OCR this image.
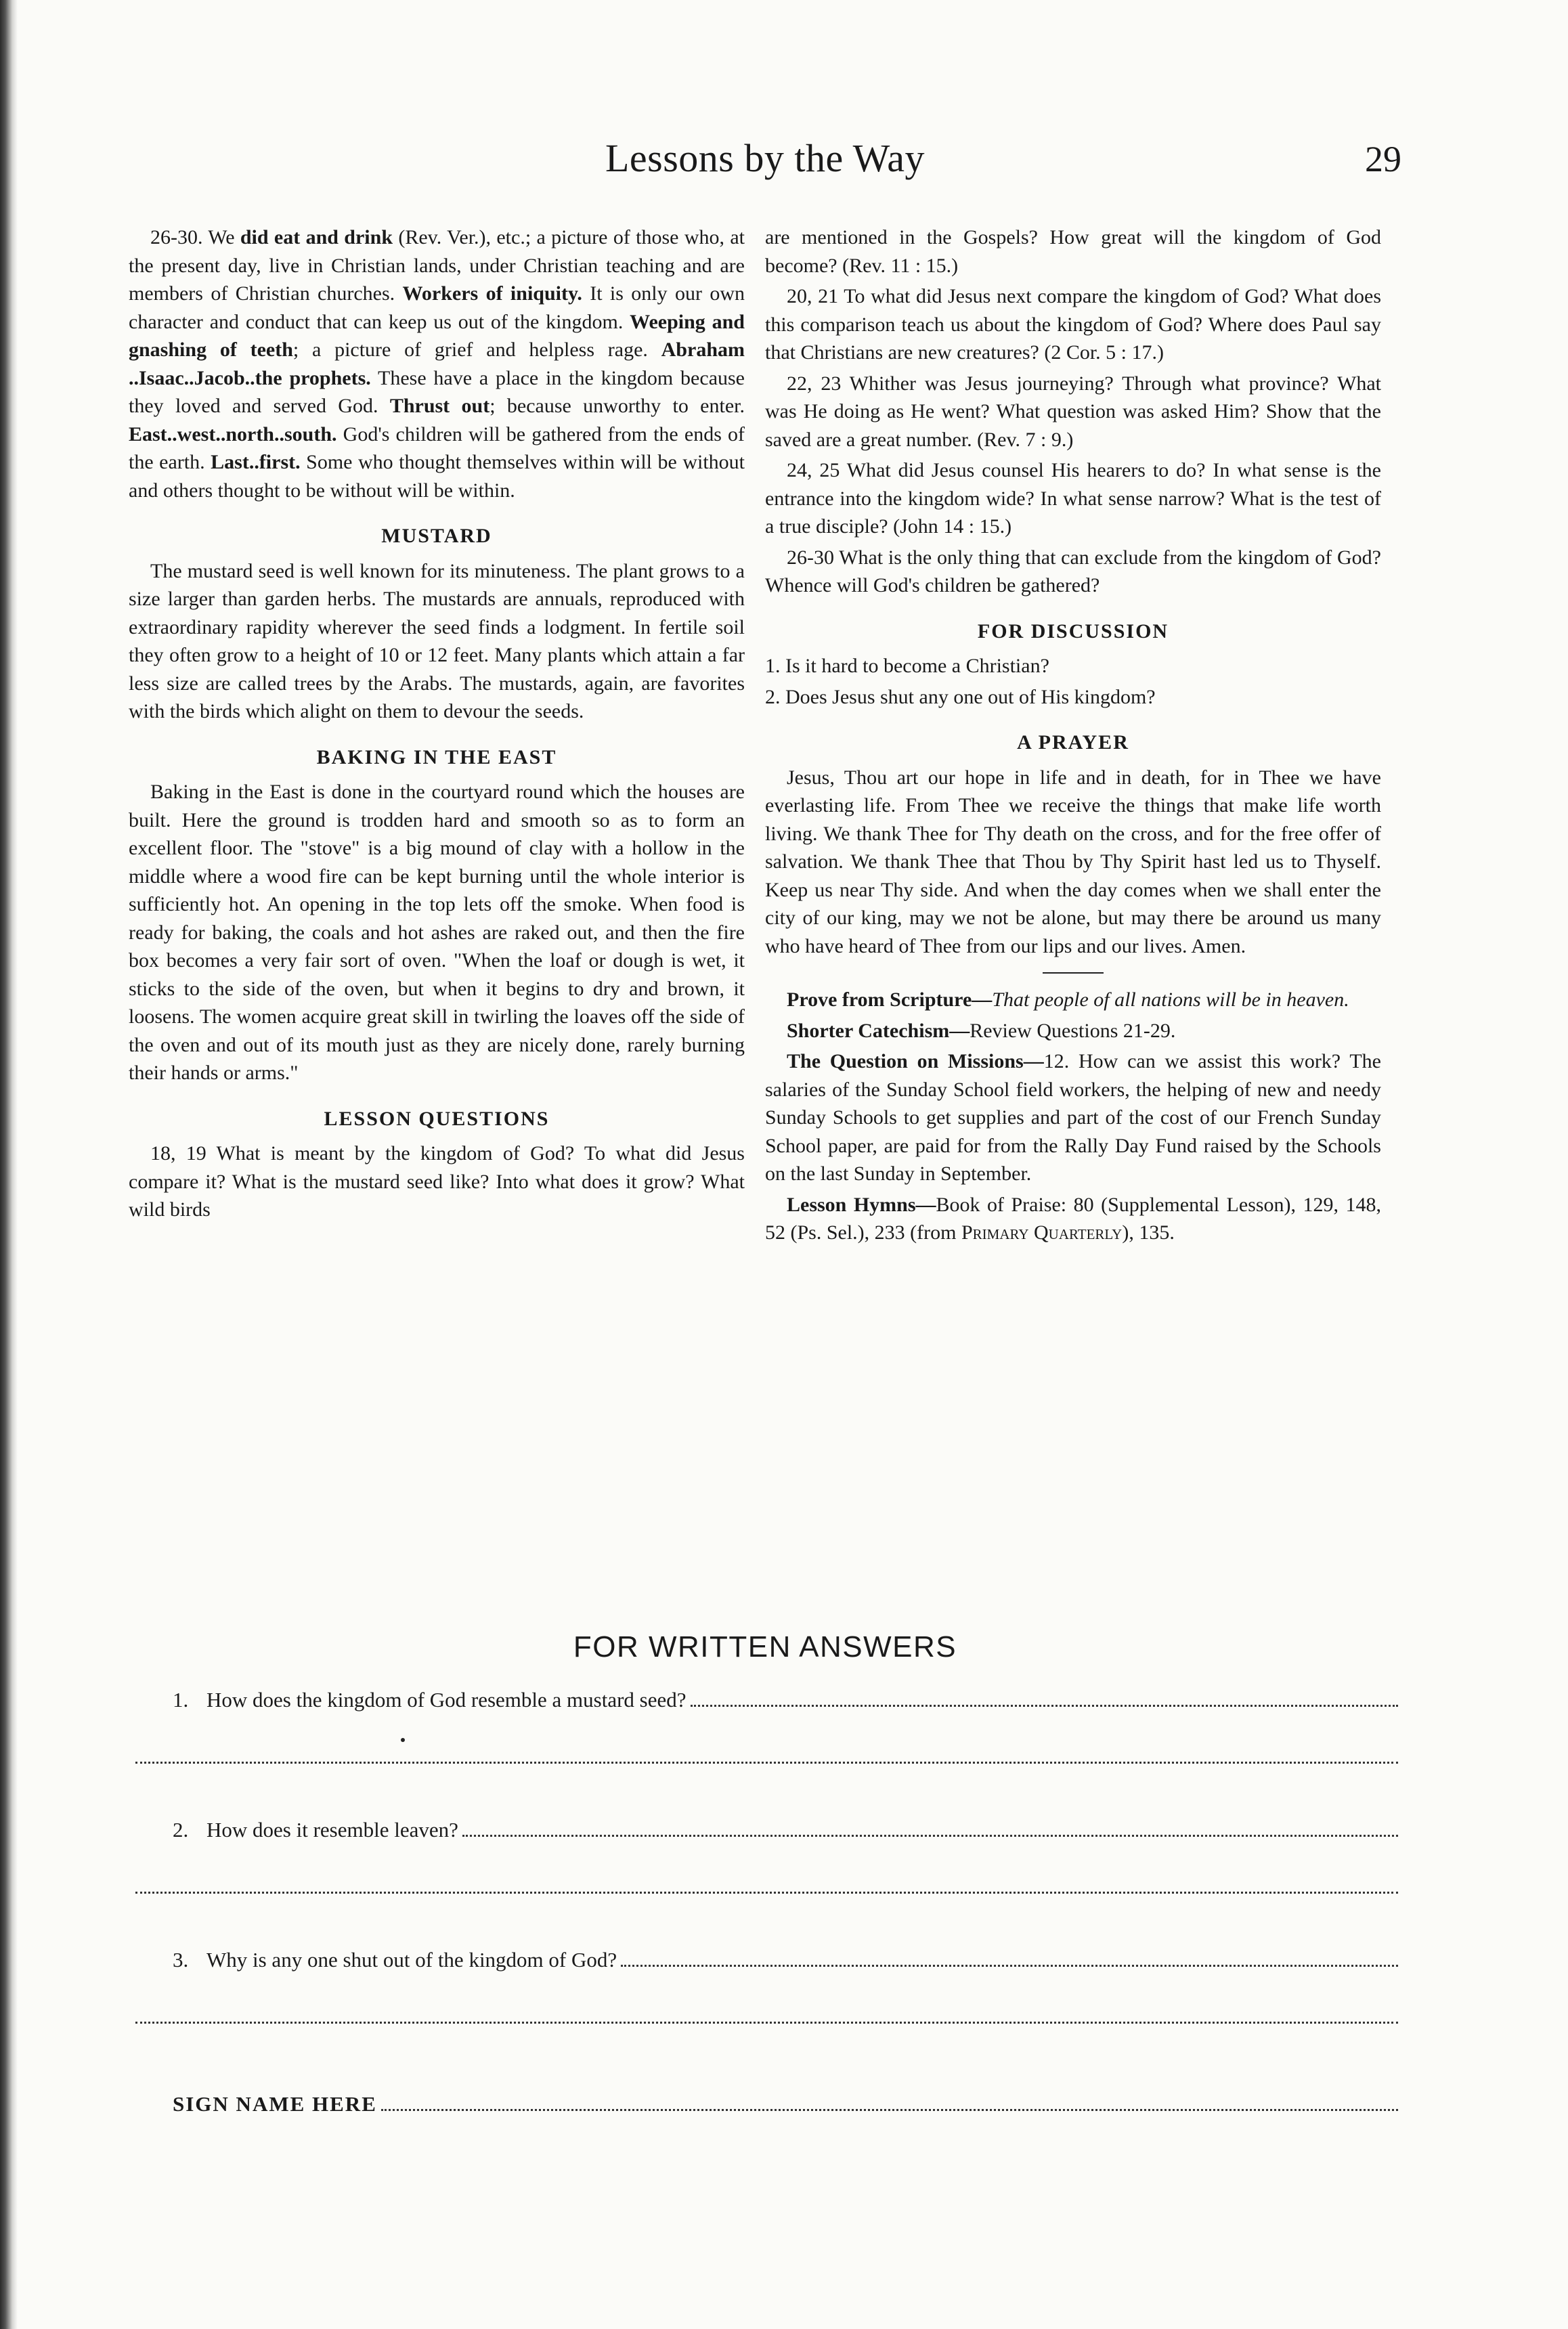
Lessons by the Way	29

26-30. We did eat and drink (Rev. Ver.), etc.; a picture of those who, at the present day, live in Christian lands, under Christian teaching and are members of Christian churches. Workers of iniquity. It is only our own character and conduct that can keep us out of the kingdom. Weeping and gnashing of teeth; a picture of grief and helpless rage. Abraham ..Isaac..Jacob..the prophets. These have a place in the kingdom because they loved and served God. Thrust out; because unworthy to enter. East..west..north..south. God's children will be gathered from the ends of the earth. Last..first. Some who thought themselves within will be without and others thought to be without will be within.

MUSTARD

The mustard seed is well known for its minuteness. The plant grows to a size larger than garden herbs. The mustards are annuals, reproduced with extraordinary rapidity wherever the seed finds a lodgment. In fertile soil they often grow to a height of 10 or 12 feet. Many plants which attain a far less size are called trees by the Arabs. The mustards, again, are favorites with the birds which alight on them to devour the seeds.

BAKING IN THE EAST

Baking in the East is done in the courtyard round which the houses are built. Here the ground is trodden hard and smooth so as to form an excellent floor. The "stove" is a big mound of clay with a hollow in the middle where a wood fire can be kept burning until the whole interior is sufficiently hot. An opening in the top lets off the smoke. When food is ready for baking, the coals and hot ashes are raked out, and then the fire box becomes a very fair sort of oven. "When the loaf or dough is wet, it sticks to the side of the oven, but when it begins to dry and brown, it loosens. The women acquire great skill in twirling the loaves off the side of the oven and out of its mouth just as they are nicely done, rarely burning their hands or arms."

LESSON QUESTIONS

18, 19 What is meant by the kingdom of God? To what did Jesus compare it? What is the mustard seed like? Into what does it grow? What wild birds

are mentioned in the Gospels? How great will the kingdom of God become? (Rev. 11 : 15.)

20, 21 To what did Jesus next compare the kingdom of God? What does this comparison teach us about the kingdom of God? Where does Paul say that Christians are new creatures? (2 Cor. 5 : 17.)

22, 23 Whither was Jesus journeying? Through what province? What was He doing as He went? What question was asked Him? Show that the saved are a great number. (Rev. 7 : 9.)

24, 25 What did Jesus counsel His hearers to do? In what sense is the entrance into the kingdom wide? In what sense narrow? What is the test of a true disciple? (John 14 : 15.)

26-30 What is the only thing that can exclude from the kingdom of God? Whence will God's children be gathered?

FOR DISCUSSION

1. Is it hard to become a Christian?

2. Does Jesus shut any one out of His kingdom?

A PRAYER

Jesus, Thou art our hope in life and in death, for in Thee we have everlasting life. From Thee we receive the things that make life worth living. We thank Thee for Thy death on the cross, and for the free offer of salvation. We thank Thee that Thou by Thy Spirit hast led us to Thyself. Keep us near Thy side. And when the day comes when we shall enter the city of our king, may we not be alone, but may there be around us many who have heard of Thee from our lips and our lives. Amen.

Prove from Scripture—That people of all nations will be in heaven.

Shorter Catechism—Review Questions 21-29.

The Question on Missions—12. How can we assist this work? The salaries of the Sunday School field workers, the helping of new and needy Sunday Schools to get supplies and part of the cost of our French Sunday School paper, are paid for from the Rally Day Fund raised by the Schools on the last Sunday in September.

Lesson Hymns—Book of Praise: 80 (Supplemental Lesson), 129, 148, 52 (Ps. Sel.), 233 (from Primary Quarterly), 135.

FOR WRITTEN ANSWERS
1. How does the kingdom of God resemble a mustard seed?
2. How does it resemble leaven?
3. Why is any one shut out of the kingdom of God?
SIGN NAME HERE
